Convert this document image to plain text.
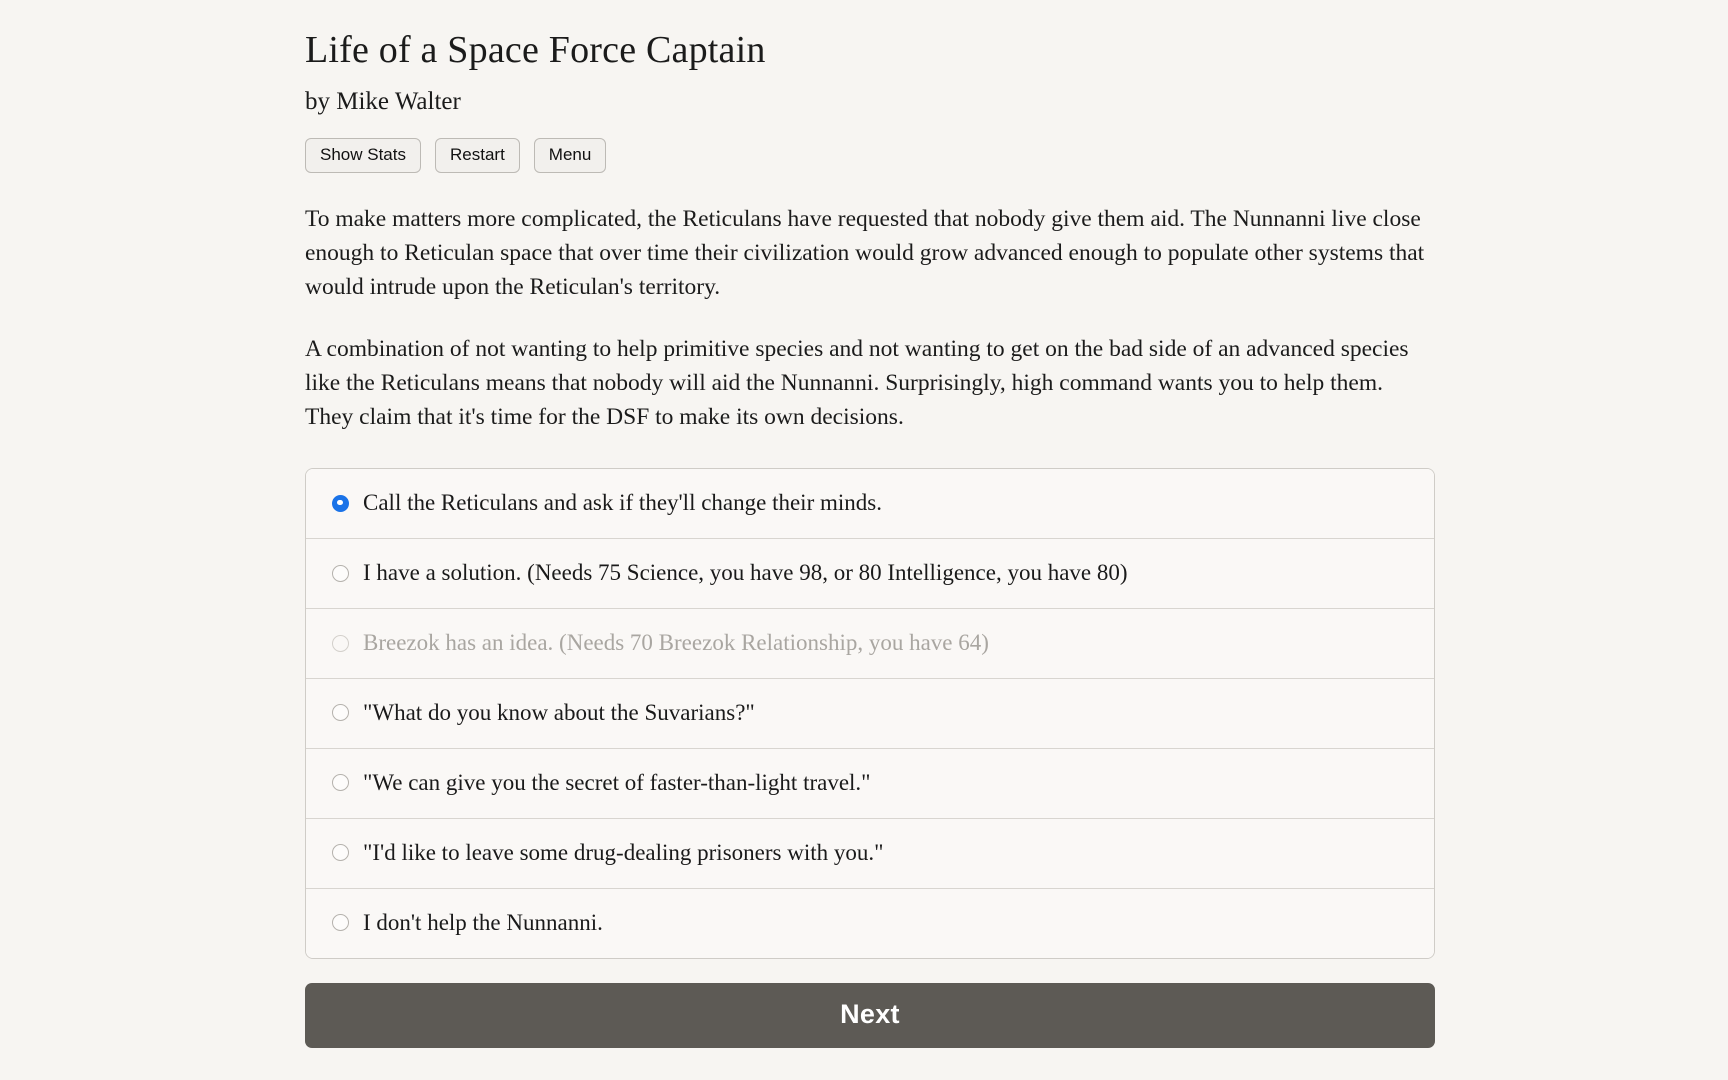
Life of a Space Force Captain

by Mike Walter

Show Stats	Restart	Menu

To make matters more complicated, the Reticulans have requested that nobody give them aid. The Nunnanni live close enough to Reticulan space that over time their civilization would grow advanced enough to populate other systems that would intrude upon the Reticulan's territory.

A combination of not wanting to help primitive species and not wanting to get on the bad side of an advanced species like the Reticulans means that nobody will aid the Nunnanni. Surprisingly, high command wants you to help them. They claim that it's time for the DSF to make its own decisions.

Call the Reticulans and ask if they'll change their minds.
I have a solution. (Needs 75 Science, you have 98, or 80 Intelligence, you have 80)
Breezok has an idea. (Needs 70 Breezok Relationship, you have 64)
"What do you know about the Suvarians?"
"We can give you the secret of faster-than-light travel."
"I'd like to leave some drug-dealing prisoners with you."
I don't help the Nunnanni.
Next
